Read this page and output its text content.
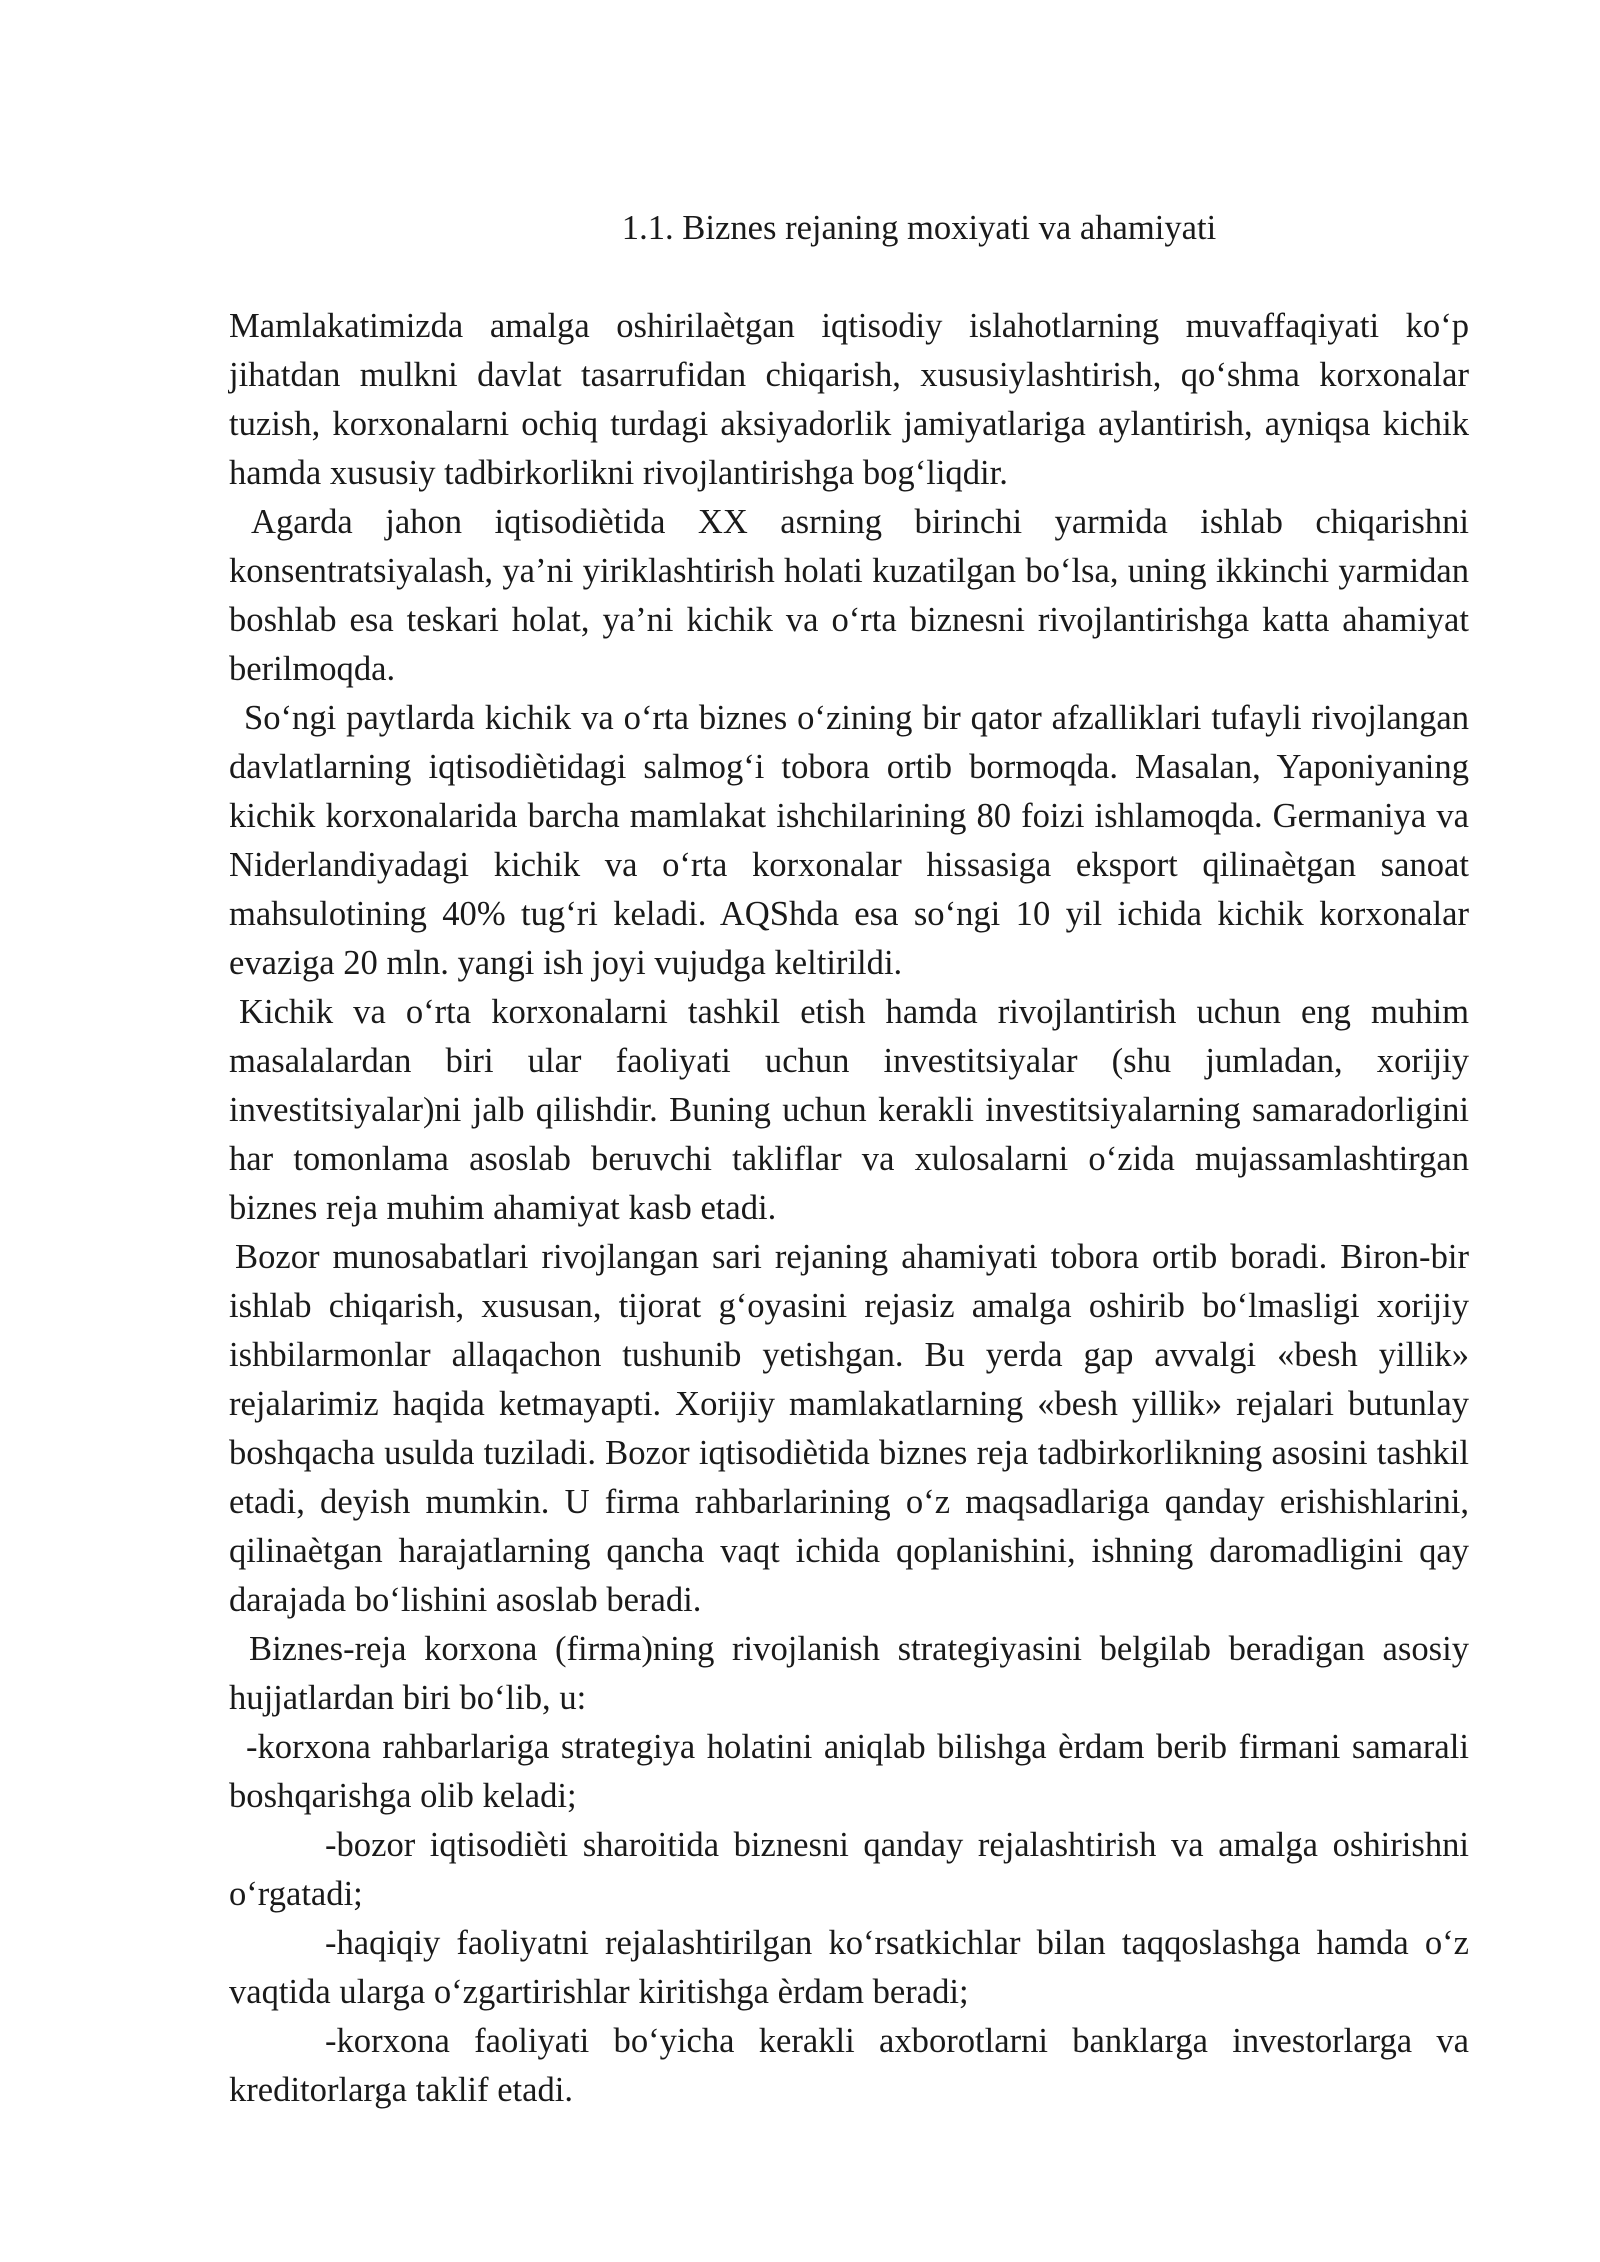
1.1. Biznes rejaning moxiyati va ahamiyati

Mamlakatimizda amalga oshirilaètgan iqtisodiy islahotlarning muvaffaqiyati ko‘p jihatdan mulkni davlat tasarrufidan chiqarish, xususiylashtirish, qo‘shma korxonalar tuzish, korxonalarni ochiq turdagi aksiyadorlik jamiyatlariga aylantirish, ayniqsa kichik hamda xususiy tadbirkorlikni rivojlantirishga bog‘liqdir.

Agarda jahon iqtisodiètida XX asrning birinchi yarmida ishlab chiqarishni konsentratsiyalash, ya’ni yiriklashtirish holati kuzatilgan bo‘lsa, uning ikkinchi yarmidan boshlab esa teskari holat, ya’ni kichik va o‘rta biznesni rivojlantirishga katta ahamiyat berilmoqda.

So‘ngi paytlarda kichik va o‘rta biznes o‘zining bir qator afzalliklari tufayli rivojlangan davlatlarning iqtisodiètidagi salmog‘i tobora ortib bormoqda. Masalan, Yaponiyaning kichik korxonalarida barcha mamlakat ishchilarining 80 foizi ishlamoqda. Germaniya va Niderlandiyadagi kichik va o‘rta korxonalar hissasiga eksport qilinaètgan sanoat mahsulotining 40% tug‘ri keladi. AQShda esa so‘ngi 10 yil ichida kichik korxonalar evaziga 20 mln. yangi ish joyi vujudga keltirildi.

Kichik va o‘rta korxonalarni tashkil etish hamda rivojlantirish uchun eng muhim masalalardan biri ular faoliyati uchun investitsiyalar (shu jumladan, xorijiy investitsiyalar)ni jalb qilishdir. Buning uchun kerakli investitsiyalarning samaradorligini har tomonlama asoslab beruvchi takliflar va xulosalarni o‘zida mujassamlashtirgan biznes reja muhim ahamiyat kasb etadi.

Bozor munosabatlari rivojlangan sari rejaning ahamiyati tobora ortib boradi. Biron-bir ishlab chiqarish, xususan, tijorat g‘oyasini rejasiz amalga oshirib bo‘lmasligi xorijiy ishbilarmonlar allaqachon tushunib yetishgan. Bu yerda gap avvalgi «besh yillik» rejalarimiz haqida ketmayapti. Xorijiy mamlakatlarning «besh yillik» rejalari butunlay boshqacha usulda tuziladi. Bozor iqtisodiètida biznes reja tadbirkorlikning asosini tashkil etadi, deyish mumkin. U firma rahbarlarining o‘z maqsadlariga qanday erishishlarini, qilinaètgan harajatlarning qancha vaqt ichida qoplanishini, ishning daromadligini qay darajada bo‘lishini asoslab beradi.

Biznes-reja korxona (firma)ning rivojlanish strategiyasini belgilab beradigan asosiy hujjatlardan biri bo‘lib, u:

-korxona rahbarlariga strategiya holatini aniqlab bilishga èrdam berib firmani samarali boshqarishga olib keladi;

-bozor iqtisodièti sharoitida biznesni qanday rejalashtirish va amalga oshirishni o‘rgatadi;

-haqiqiy faoliyatni rejalashtirilgan ko‘rsatkichlar bilan taqqoslashga hamda o‘z vaqtida ularga o‘zgartirishlar kiritishga èrdam beradi;

-korxona faoliyati bo‘yicha kerakli axborotlarni banklarga investorlarga va kreditorlarga taklif etadi.
